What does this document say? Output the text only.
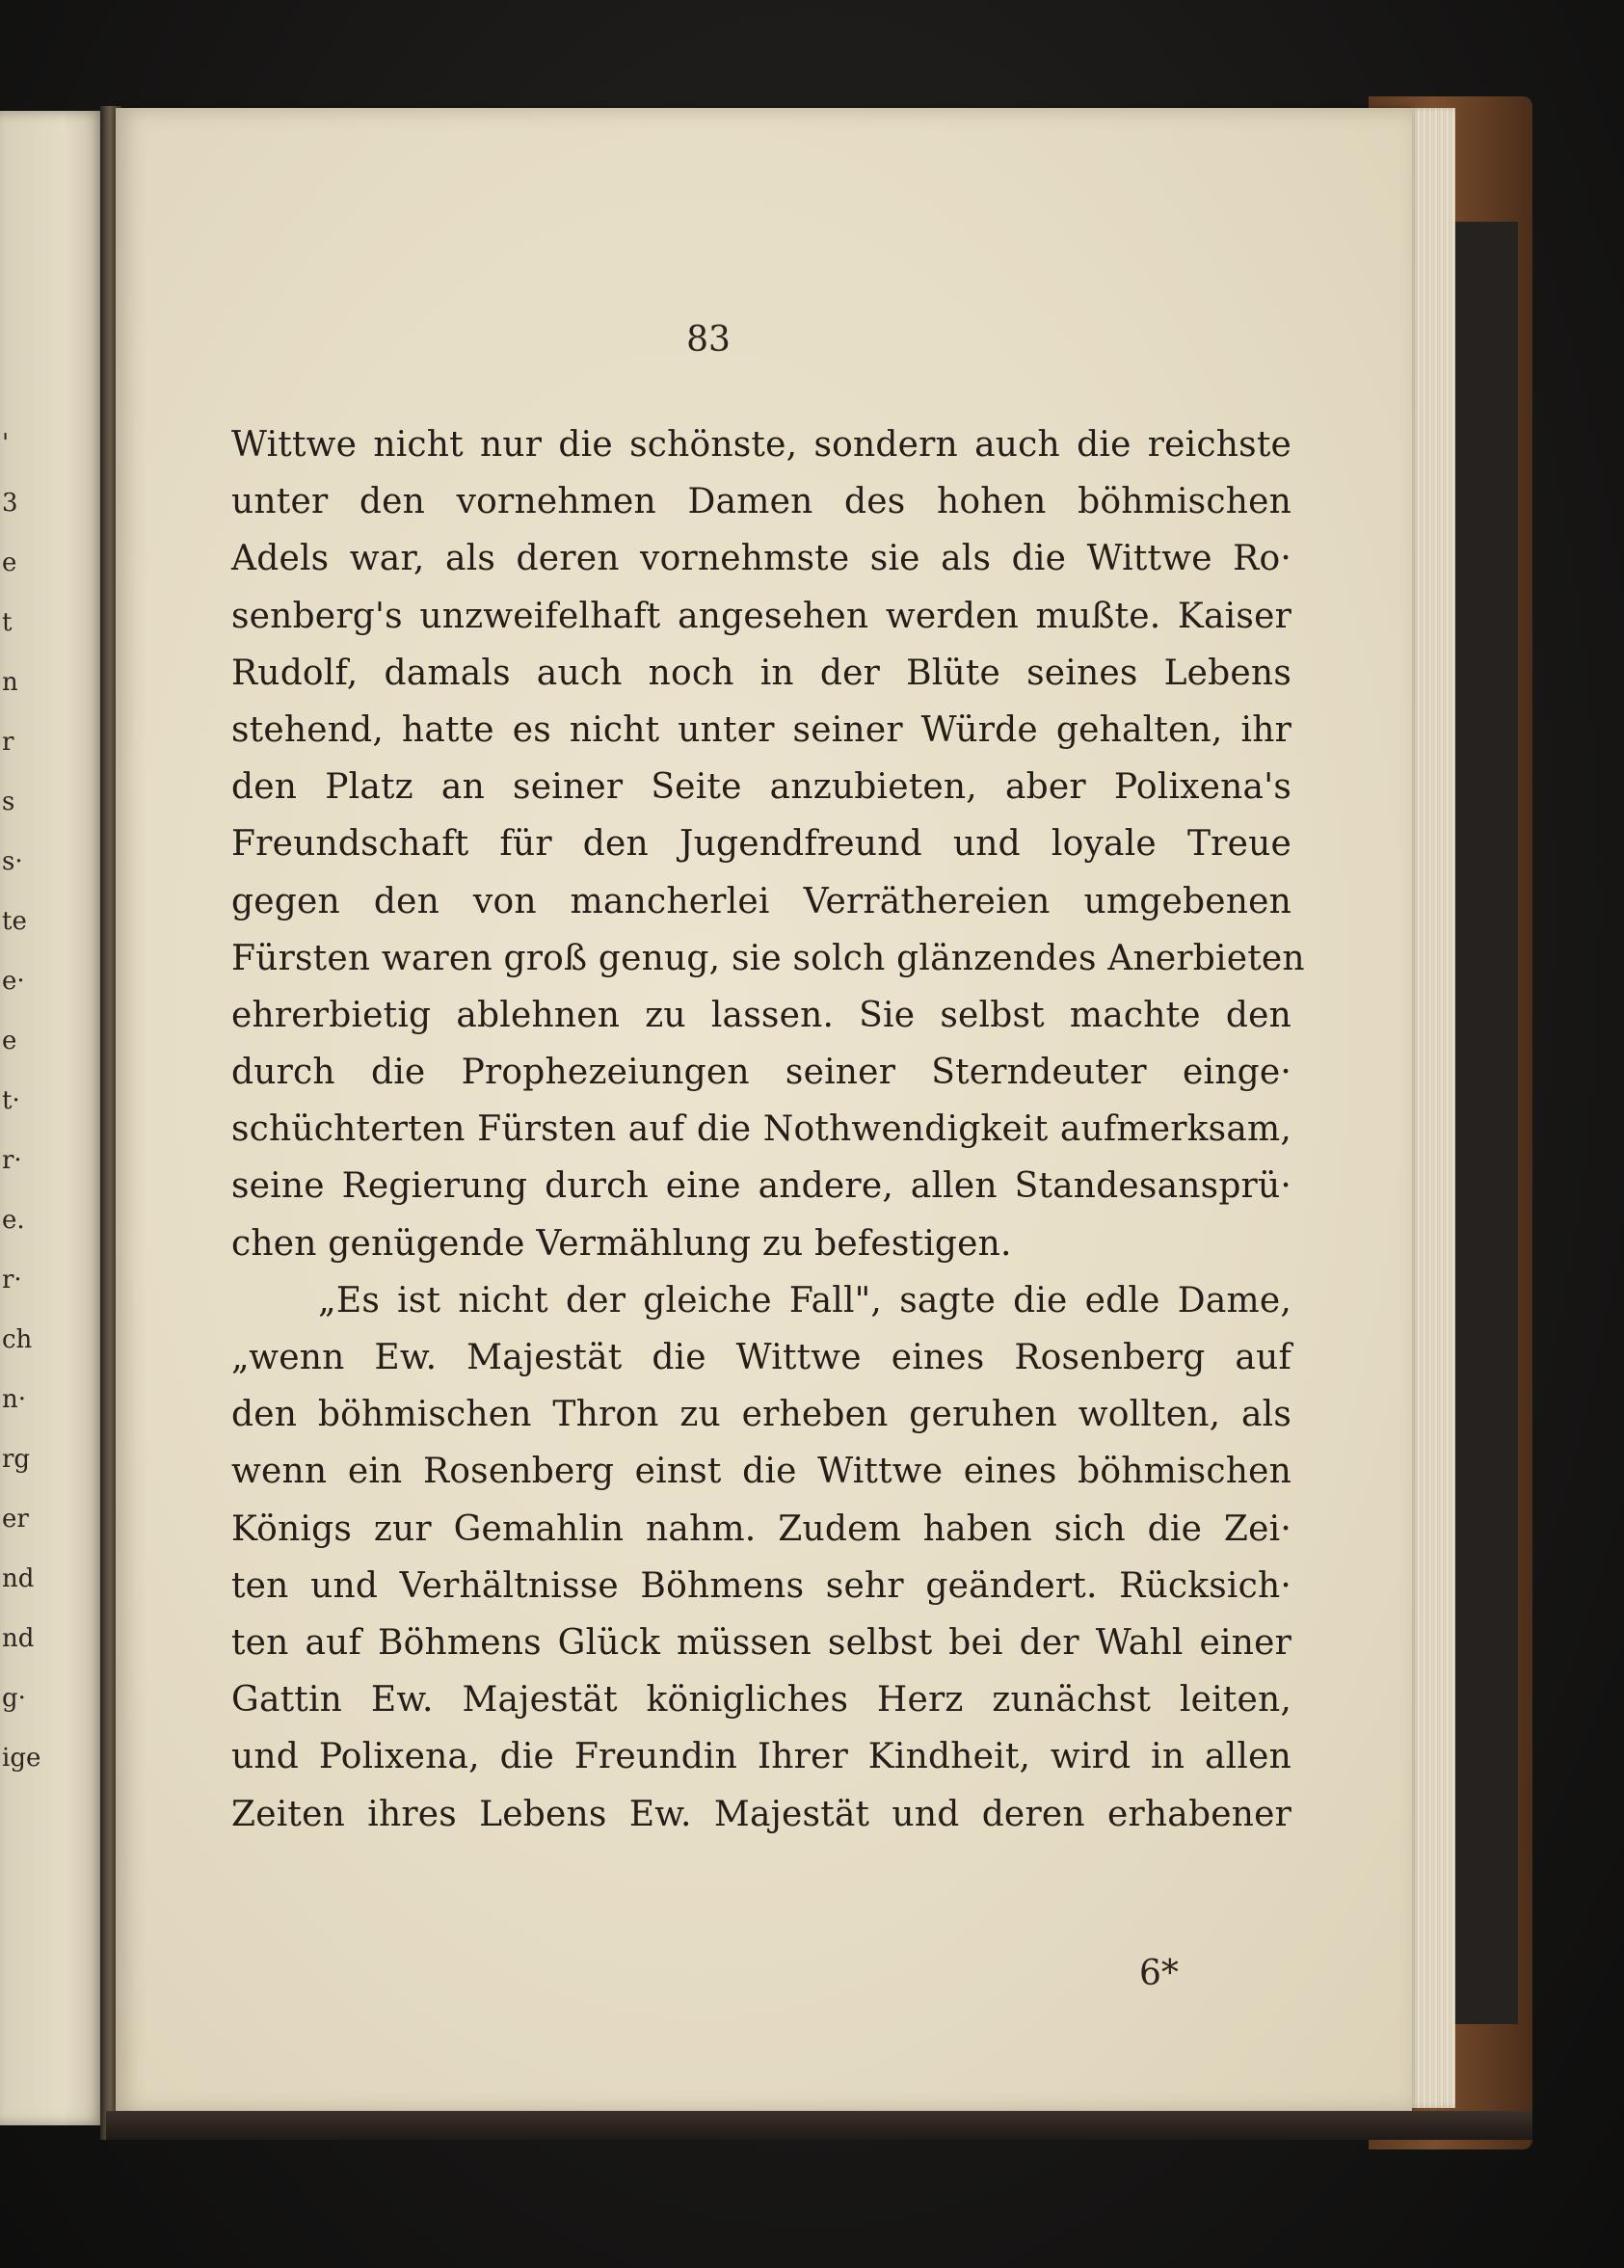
'
3
e
t
n
r
s
s·
te
e·
e
t·
r·
e.
r·
ch
n·
rg
er
nd
nd
g·
ige
83
Wittwe nicht nur die schönste, sondern auch die reichste
unter den vornehmen Damen des hohen böhmischen
Adels war, als deren vornehmste sie als die Wittwe Ro·
senberg's unzweifelhaft angesehen werden mußte. Kaiser
Rudolf, damals auch noch in der Blüte seines Lebens
stehend, hatte es nicht unter seiner Würde gehalten, ihr
den Platz an seiner Seite anzubieten, aber Polixena's
Freundschaft für den Jugendfreund und loyale Treue
gegen den von mancherlei Verräthereien umgebenen
Fürsten waren groß genug, sie solch glänzendes Anerbieten
ehrerbietig ablehnen zu lassen. Sie selbst machte den
durch die Prophezeiungen seiner Sterndeuter einge·
schüchterten Fürsten auf die Nothwendigkeit aufmerksam,
seine Regierung durch eine andere, allen Standesansprü·
chen genügende Vermählung zu befestigen.
„Es ist nicht der gleiche Fall", sagte die edle Dame,
„wenn Ew. Majestät die Wittwe eines Rosenberg auf
den böhmischen Thron zu erheben geruhen wollten, als
wenn ein Rosenberg einst die Wittwe eines böhmischen
Königs zur Gemahlin nahm. Zudem haben sich die Zei·
ten und Verhältnisse Böhmens sehr geändert. Rücksich·
ten auf Böhmens Glück müssen selbst bei der Wahl einer
Gattin Ew. Majestät königliches Herz zunächst leiten,
und Polixena, die Freundin Ihrer Kindheit, wird in allen
Zeiten ihres Lebens Ew. Majestät und deren erhabener
6*
